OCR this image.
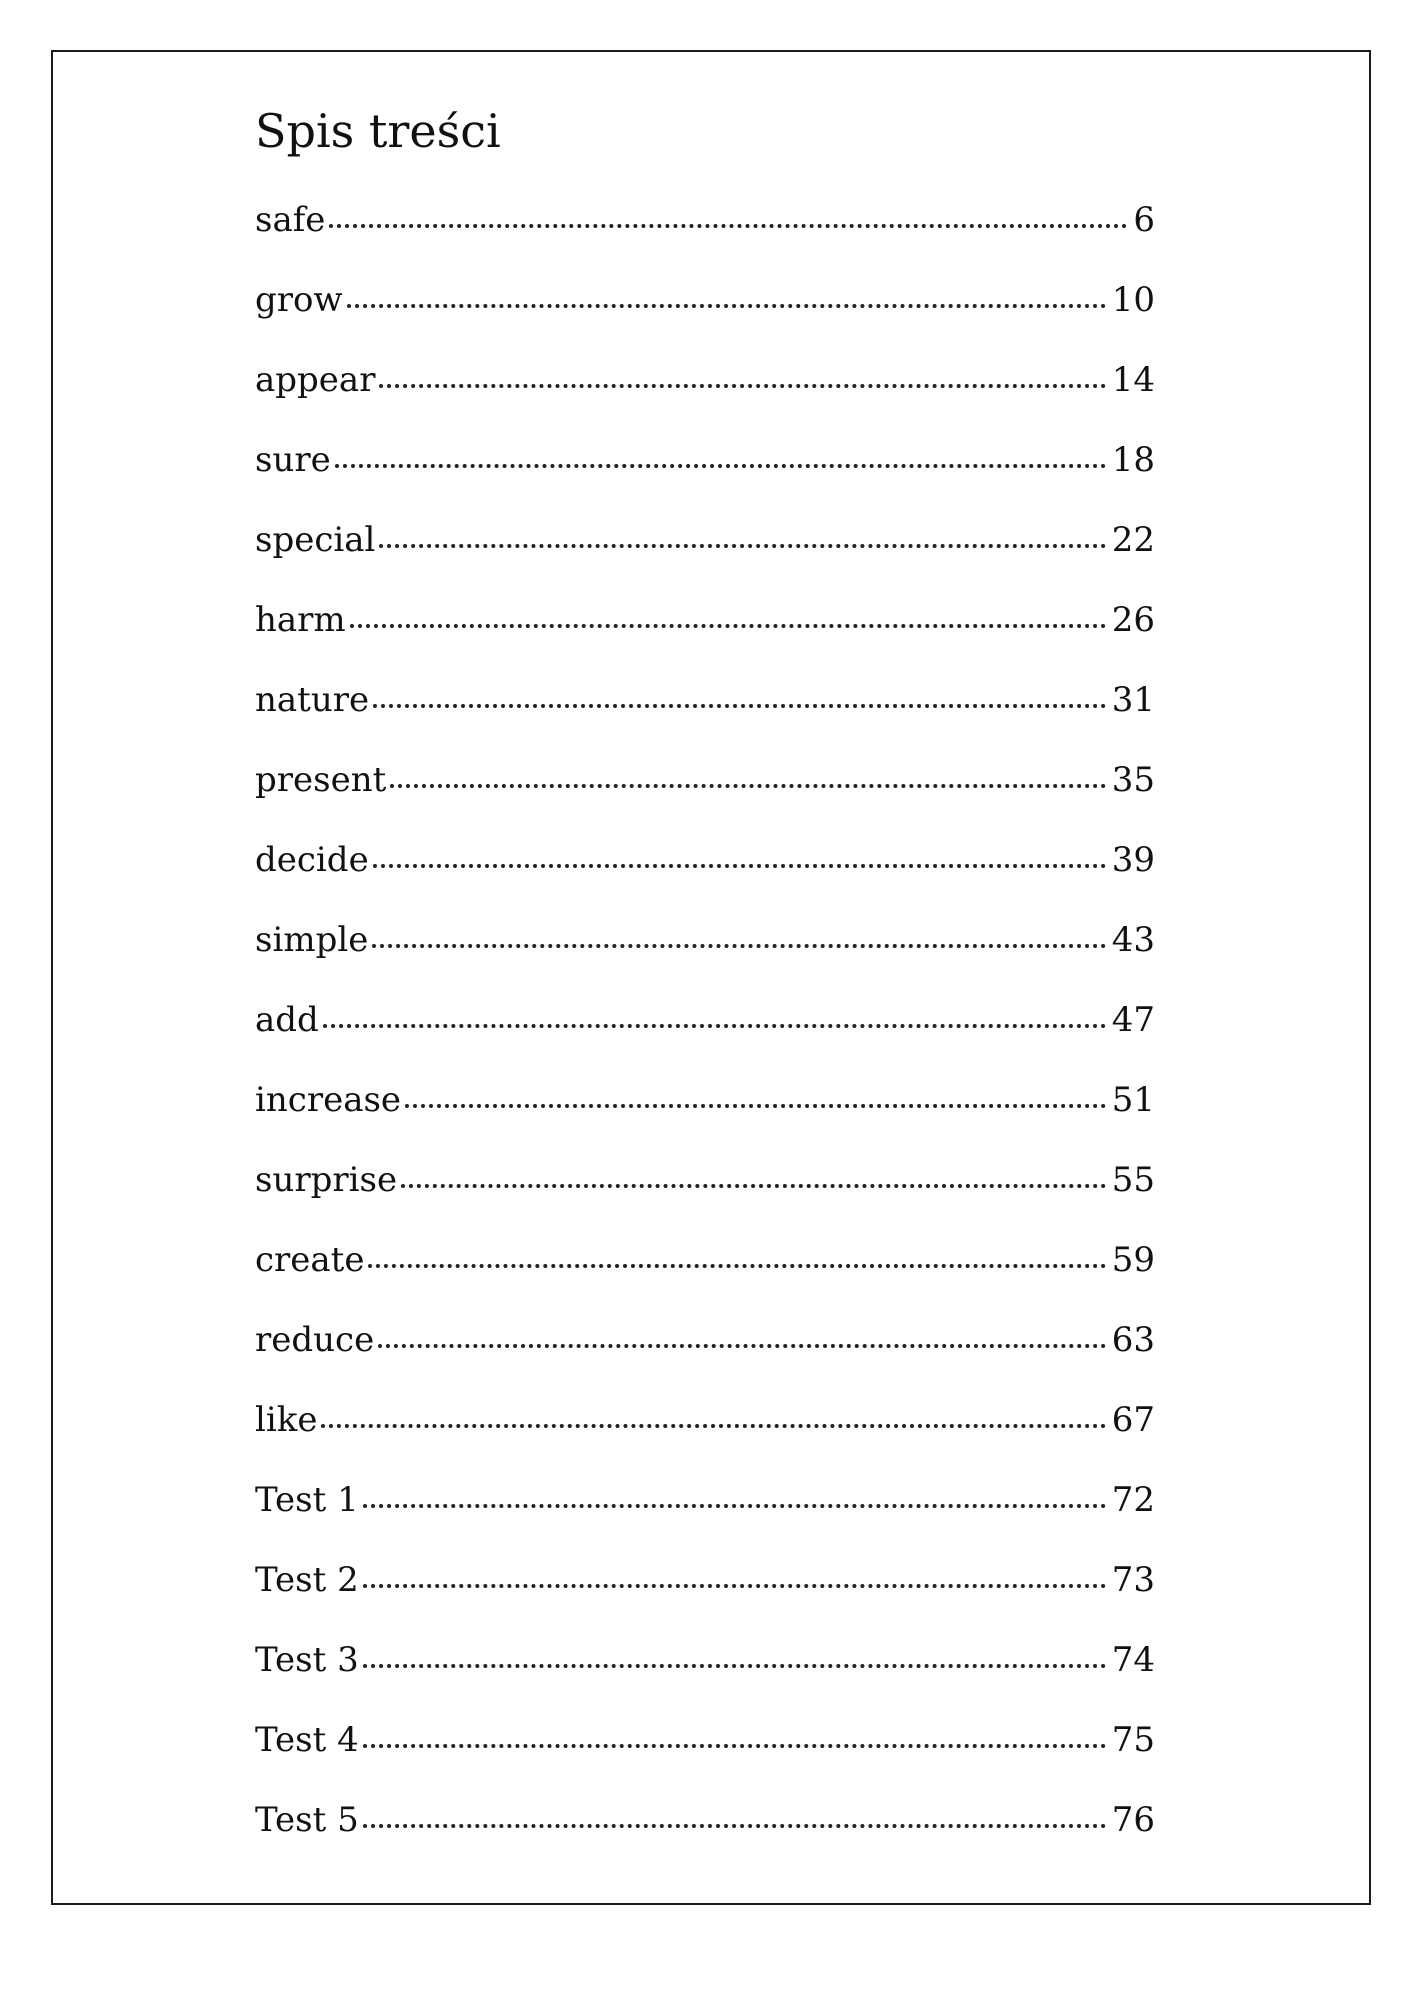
Spis treści
safe	6
grow	10
appear	14
sure	18
special	22
harm	26
nature	31
present	35
decide	39
simple	43
add	47
increase	51
surprise	55
create	59
reduce	63
like	67
Test 1	72
Test 2	73
Test 3	74
Test 4	75
Test 5	76
